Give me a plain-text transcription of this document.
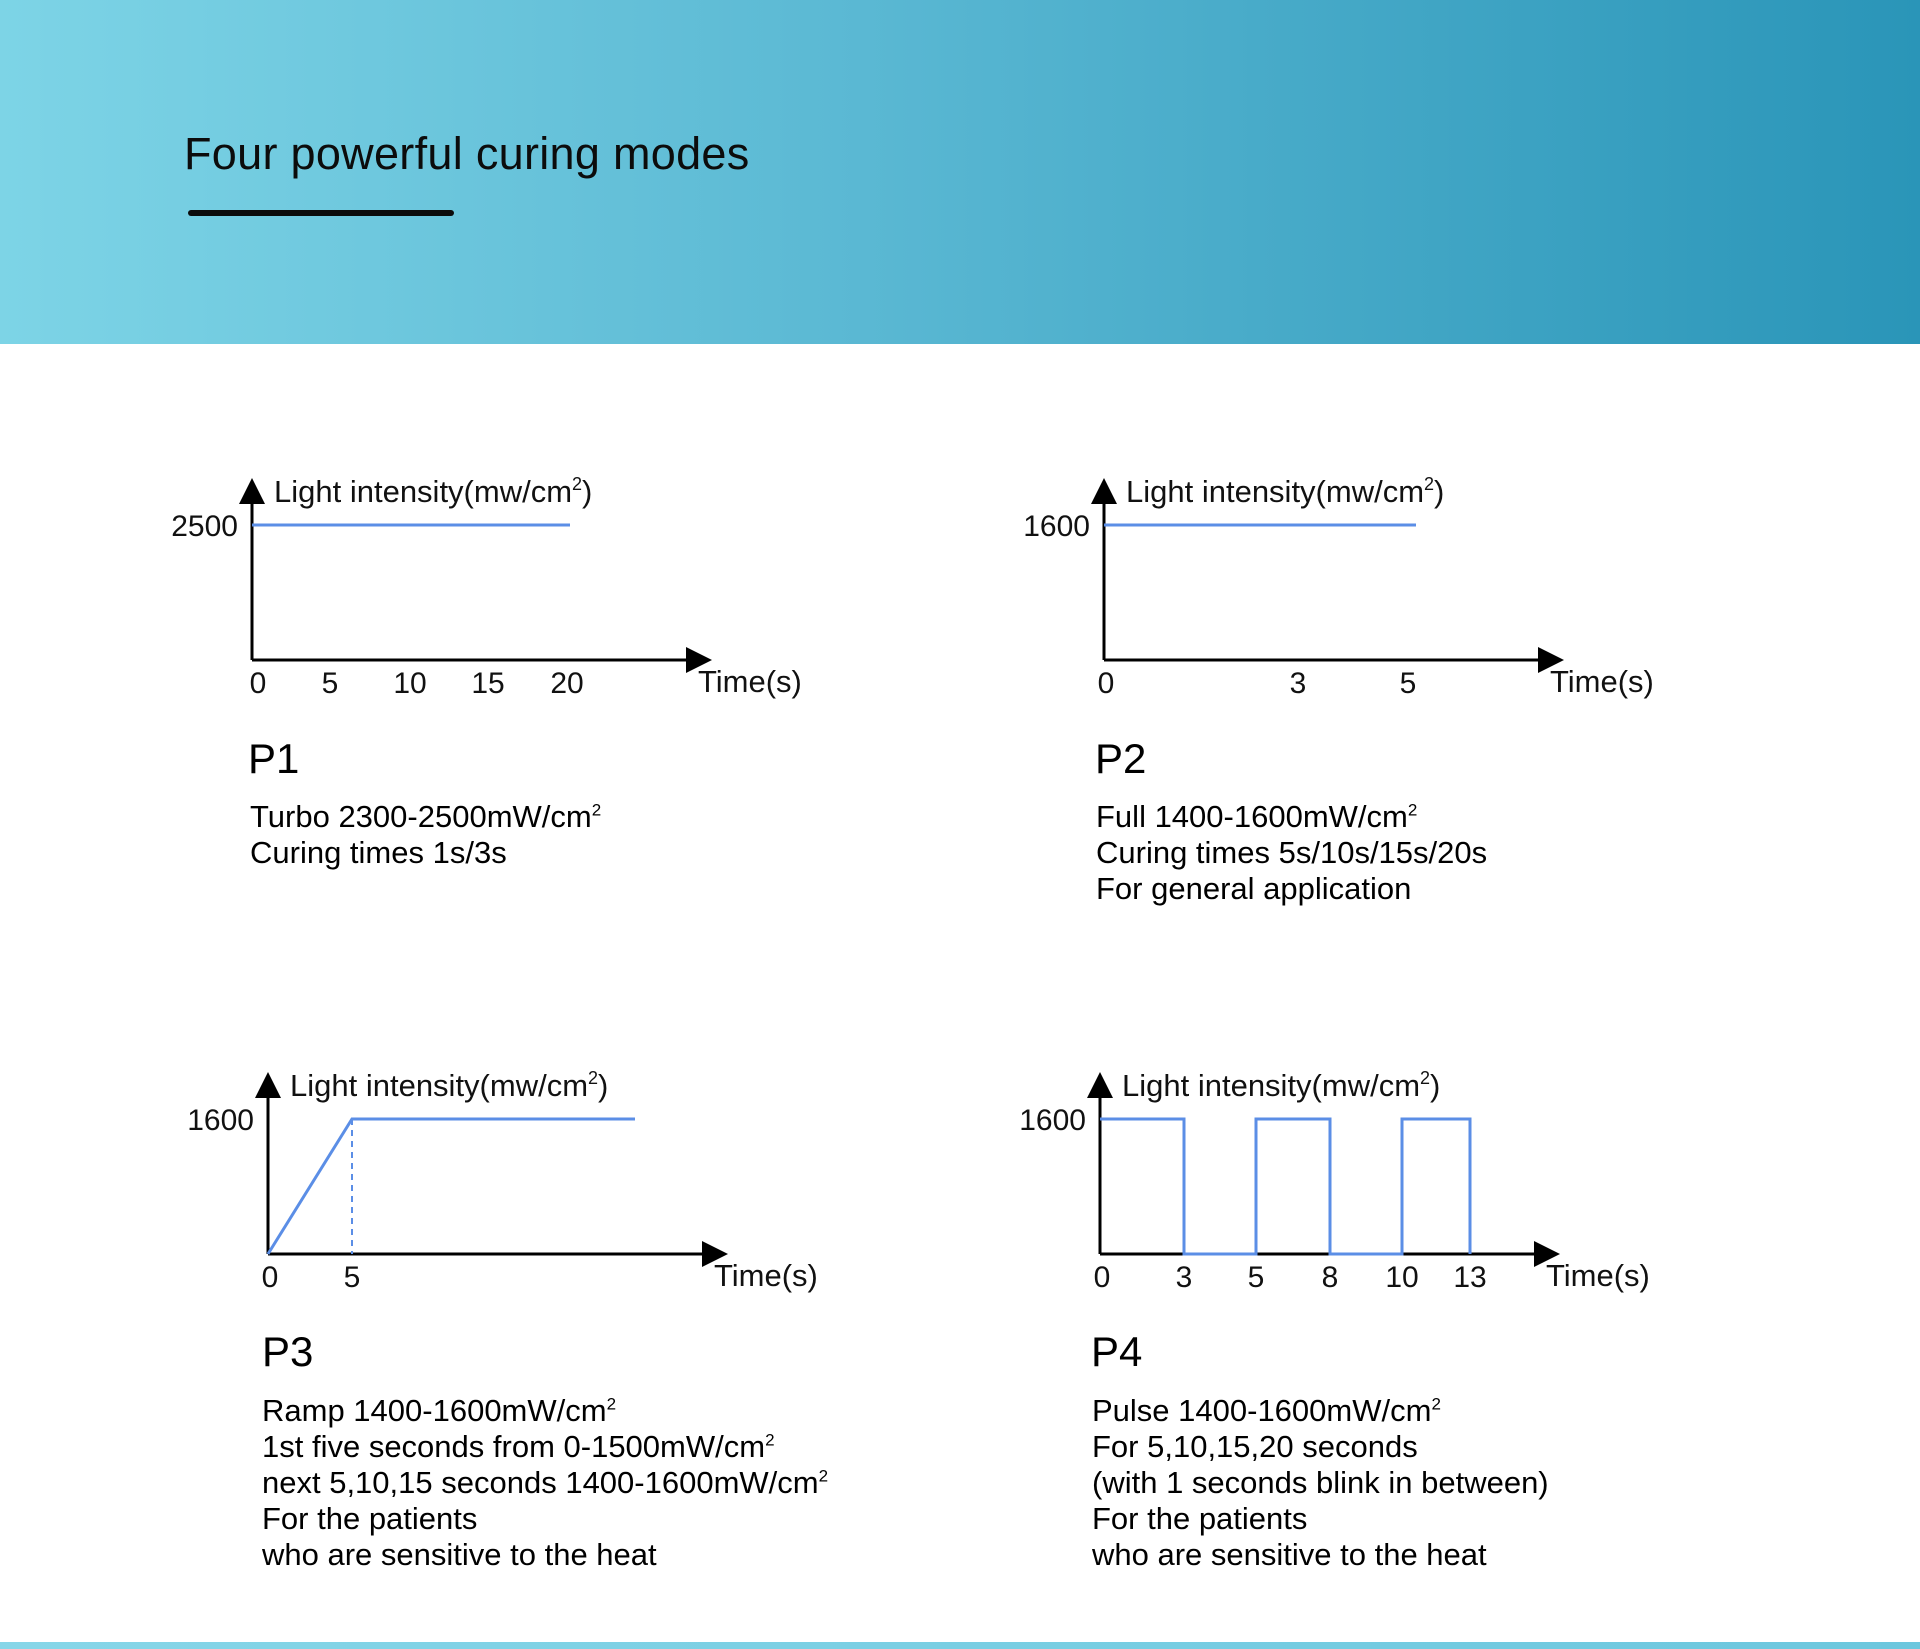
Four powerful curing modes
Light $intensity(mw/cm^2)$
Time(s)
2500
0 5 10 15 20
P1
Turbo $2300-2500mW/cm^2$
Curing times 1s/3s
Light $intensity(mw/cm^2)$
Time(s)
1600
0	3	5
P2
Full $1400-1600mW/cm^2$
Curing times 5s/10s/15s/20s
For general application
Light $intensity(mw/cm^2)$
Time(s)
1600
0 5
P3
Ramp $1400-1600mW/cm^2$
1st five seconds from $0-1500mW/cm^2$
next 5,10,15 seconds $1400-1600mW/cm^2$
For the patients
who are sensitive to the heat
Light $intensity(mw/cm^2)$
Time(s)
1600
0 3 5 8 10 13
P4
Pulse $1400-1600mW/cm^2$
For 5,10,15,20 seconds
(with 1 seconds blink in between)
For the patients
who are sensitive to the heat
